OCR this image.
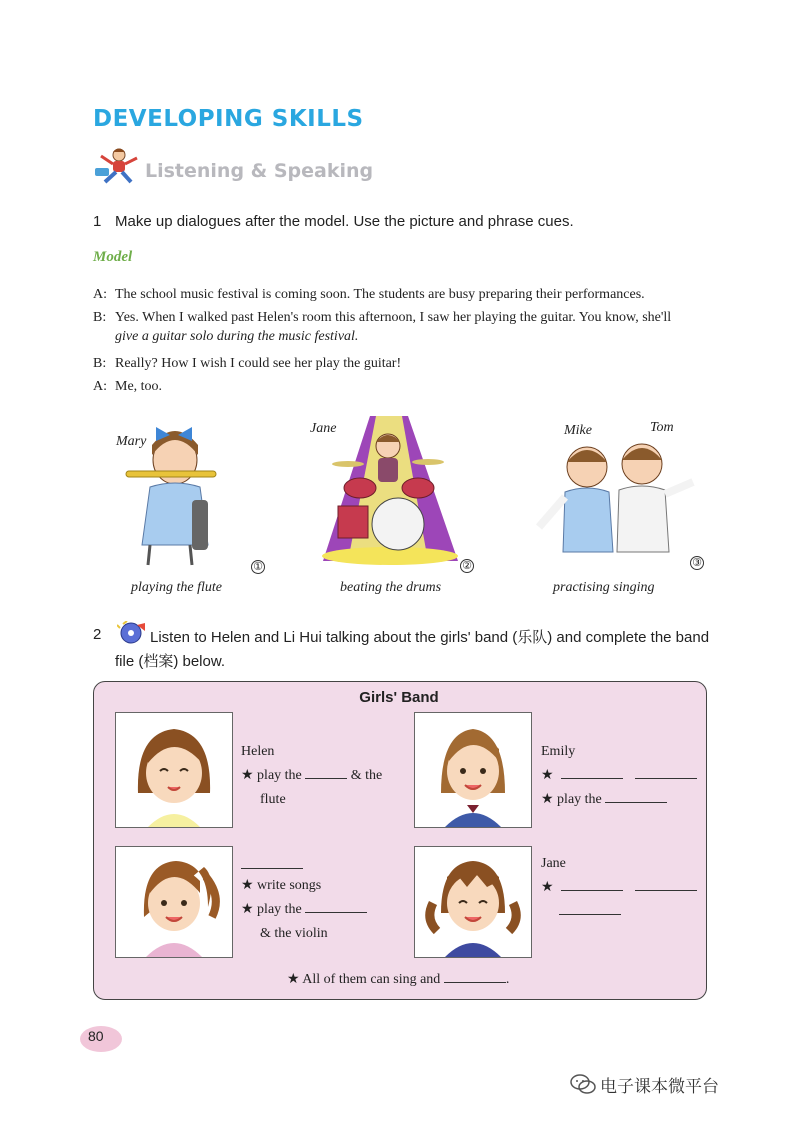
DEVELOPING SKILLS
Listening & Speaking
1 Make up dialogues after the model. Use the picture and phrase cues.
Model
A: The school music festival is coming soon. The students are busy preparing their performances.
B: Yes. When I walked past Helen's room this afternoon, I saw her playing the guitar. You know, she'll
give a guitar solo during the music festival.
B: Really? How I wish I could see her play the guitar!
A: Me, too.
Mary
①
playing the flute
Jane
②
beating the drums
Mike	Tom
③
practising singing
2	Listen to Helen and Li Hui talking about the girls' band (乐队) and complete the band
file (档案) below.
Girls' Band
Helen
★ play the	& the
flute
Emily
★
★ play the
★ write songs
★ play the
& the violin
Jane
★
★ All of them can sing and	.
80
电子课本微平台
